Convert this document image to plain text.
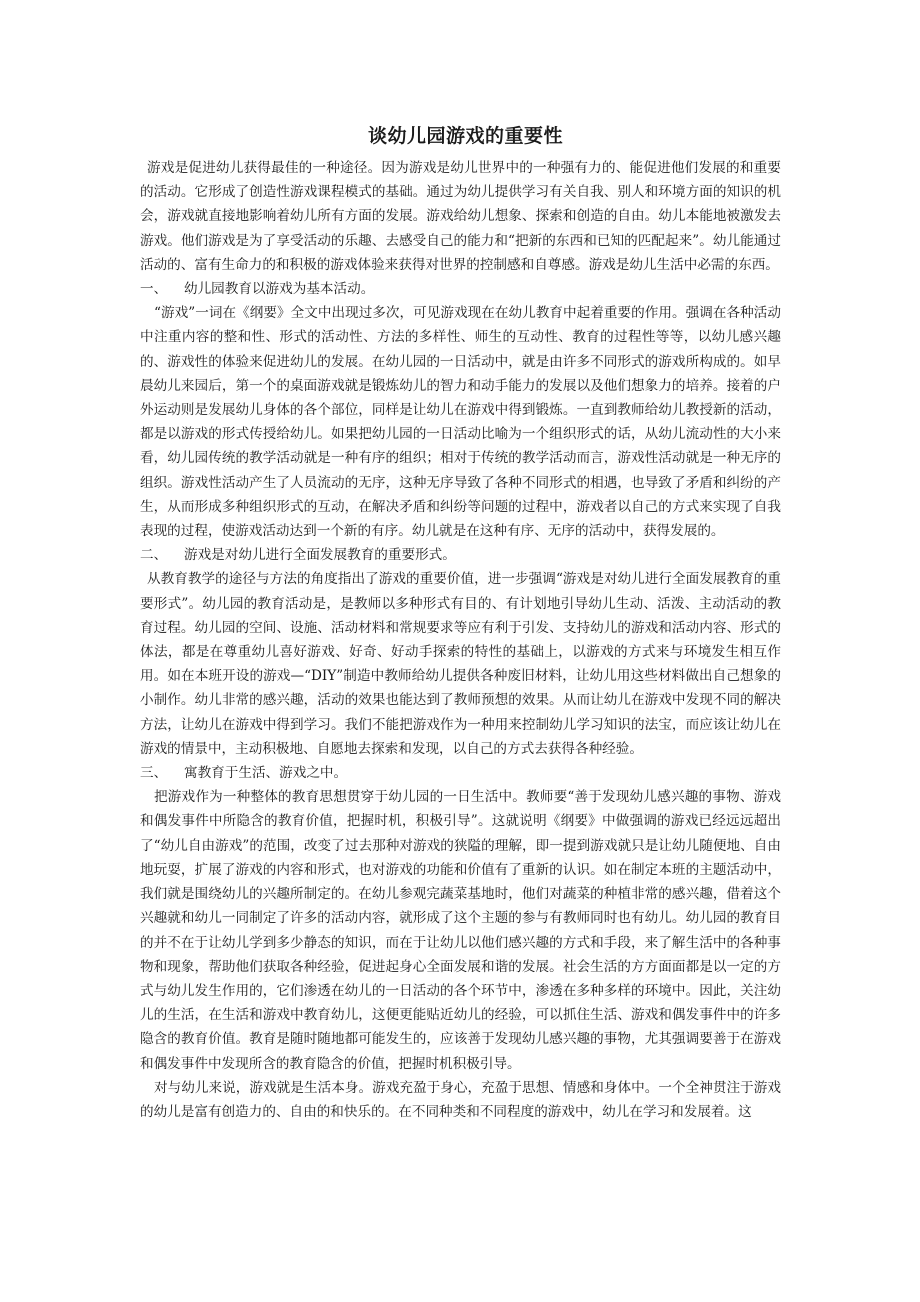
谈幼儿园游戏的重要性

游戏是促进幼儿获得最佳的一种途径。因为游戏是幼儿世界中的一种强有力的、能促进他们发展的和重要的活动。它形成了创造性游戏课程模式的基础。通过为幼儿提供学习有关自我、别人和环境方面的知识的机会，游戏就直接地影响着幼儿所有方面的发展。游戏给幼儿想象、探索和创造的自由。幼儿本能地被激发去游戏。他们游戏是为了享受活动的乐趣、去感受自己的能力和“把新的东西和已知的匹配起来”。幼儿能通过活动的、富有生命力的和积极的游戏体验来获得对世界的控制感和自尊感。游戏是幼儿生活中必需的东西。

一、	幼儿园教育以游戏为基本活动。

“游戏”一词在《纲要》全文中出现过多次，可见游戏现在在幼儿教育中起着重要的作用。强调在各种活动中注重内容的整和性、形式的活动性、方法的多样性、师生的互动性、教育的过程性等等，以幼儿感兴趣的、游戏性的体验来促进幼儿的发展。在幼儿园的一日活动中，就是由许多不同形式的游戏所构成的。如早晨幼儿来园后，第一个的桌面游戏就是锻炼幼儿的智力和动手能力的发展以及他们想象力的培养。接着的户外运动则是发展幼儿身体的各个部位，同样是让幼儿在游戏中得到锻炼。一直到教师给幼儿教授新的活动，都是以游戏的形式传授给幼儿。如果把幼儿园的一日活动比喻为一个组织形式的话，从幼儿流动性的大小来看，幼儿园传统的教学活动就是一种有序的组织；相对于传统的教学活动而言，游戏性活动就是一种无序的组织。游戏性活动产生了人员流动的无序，这种无序导致了各种不同形式的相遇，也导致了矛盾和纠纷的产生，从而形成多种组织形式的互动，在解决矛盾和纠纷等问题的过程中，游戏者以自己的方式来实现了自我表现的过程，使游戏活动达到一个新的有序。幼儿就是在这种有序、无序的活动中，获得发展的。

二、	游戏是对幼儿进行全面发展教育的重要形式。

从教育教学的途径与方法的角度指出了游戏的重要价值，进一步强调“游戏是对幼儿进行全面发展教育的重要形式”。幼儿园的教育活动是，是教师以多种形式有目的、有计划地引导幼儿生动、活泼、主动活动的教育过程。幼儿园的空间、设施、活动材料和常规要求等应有利于引发、支持幼儿的游戏和活动内容、形式的体法，都是在尊重幼儿喜好游戏、好奇、好动手探索的特性的基础上，以游戏的方式来与环境发生相互作用。如在本班开设的游戏—“DIY”制造中教师给幼儿提供各种废旧材料，让幼儿用这些材料做出自己想象的小制作。幼儿非常的感兴趣，活动的效果也能达到了教师预想的效果。从而让幼儿在游戏中发现不同的解决方法，让幼儿在游戏中得到学习。我们不能把游戏作为一种用来控制幼儿学习知识的法宝，而应该让幼儿在游戏的情景中，主动积极地、自愿地去探索和发现，以自己的方式去获得各种经验。

三、	寓教育于生活、游戏之中。

把游戏作为一种整体的教育思想贯穿于幼儿园的一日生活中。教师要“善于发现幼儿感兴趣的事物、游戏和偶发事件中所隐含的教育价值，把握时机，积极引导”。这就说明《纲要》中做强调的游戏已经远远超出了“幼儿自由游戏”的范围，改变了过去那种对游戏的狭隘的理解，即一提到游戏就只是让幼儿随便地、自由地玩耍，扩展了游戏的内容和形式，也对游戏的功能和价值有了重新的认识。如在制定本班的主题活动中，我们就是围绕幼儿的兴趣所制定的。在幼儿参观完蔬菜基地时，他们对蔬菜的种植非常的感兴趣，借着这个兴趣就和幼儿一同制定了许多的活动内容，就形成了这个主题的参与有教师同时也有幼儿。幼儿园的教育目的并不在于让幼儿学到多少静态的知识，而在于让幼儿以他们感兴趣的方式和手段，来了解生活中的各种事物和现象，帮助他们获取各种经验，促进起身心全面发展和谐的发展。社会生活的方方面面都是以一定的方式与幼儿发生作用的，它们渗透在幼儿的一日活动的各个环节中，渗透在多种多样的环境中。因此，关注幼儿的生活，在生活和游戏中教育幼儿，这便更能贴近幼儿的经验，可以抓住生活、游戏和偶发事件中的许多隐含的教育价值。教育是随时随地都可能发生的，应该善于发现幼儿感兴趣的事物，尤其强调要善于在游戏和偶发事件中发现所含的教育隐含的价值，把握时机积极引导。

对与幼儿来说，游戏就是生活本身。游戏充盈于身心，充盈于思想、情感和身体中。一个全神贯注于游戏的幼儿是富有创造力的、自由的和快乐的。在不同种类和不同程度的游戏中，幼儿在学习和发展着。这
